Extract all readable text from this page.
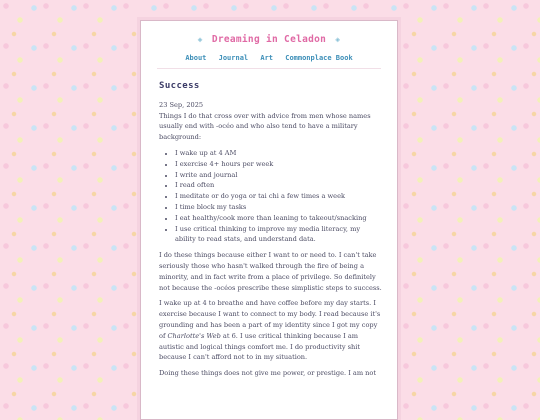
◈ Dreaming in Celadon ◈
About Journal Art Commonplace Book
Success

23 Sep, 2025

Things I do that cross over with advice from men whose names usually end with -océo and who also tend to have a military background:

• I wake up at 4 AM
• I exercise 4+ hours per week
• I write and journal
• I read often
• I meditate or do yoga or tai chi a few times a week
• I time block my tasks
• I eat healthy/cook more than leaning to takeout/snacking
• I use critical thinking to improve my media literacy, my ability to read stats, and understand data.

I do these things because either I want to or need to. I can't take seriously those who hasn't walked through the fire of being a minority, and in fact write from a place of privilege. So definitely not because the -océos prescribe these simplistic steps to success.

I wake up at 4 to breathe and have coffee before my day starts. I exercise because I want to connect to my body. I read because it's grounding and has been a part of my identity since I got my copy of Charlotte's Web at 6. I use critical thinking because I am autistic and logical things comfort me. I do productivity shit because I can't afford not to in my situation.

Doing these things does not give me power, or prestige. I am not
